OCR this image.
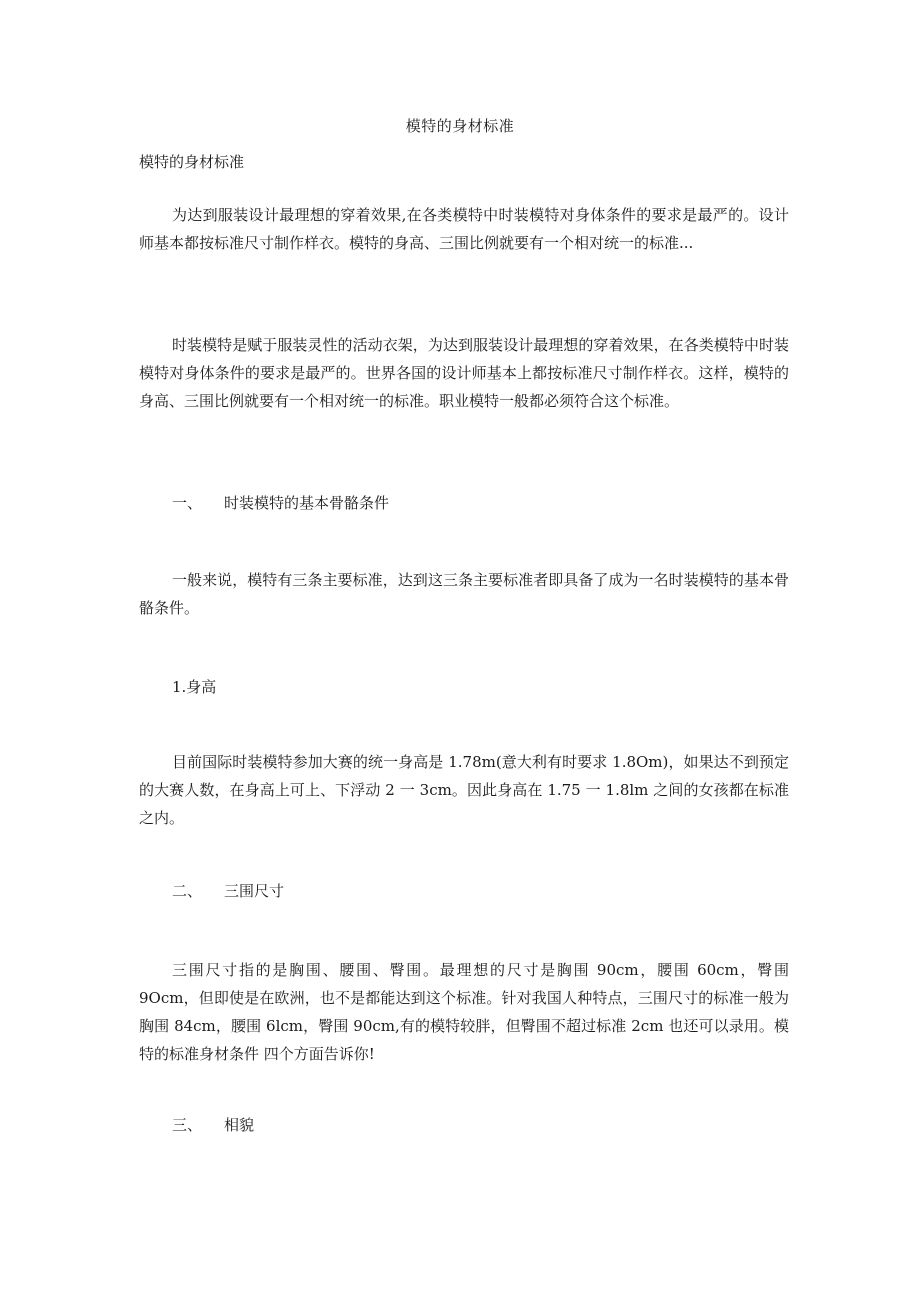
模特的身材标准
模特的身材标准

为达到服装设计最理想的穿着效果,在各类模特中时装模特对身体条件的要求是最严的。设计师基本都按标准尺寸制作样衣。模特的身高、三围比例就要有一个相对统一的标准...

时装模特是赋于服装灵性的活动衣架，为达到服装设计最理想的穿着效果，在各类模特中时装模特对身体条件的要求是最严的。世界各国的设计师基本上都按标准尺寸制作样衣。这样，模特的身高、三围比例就要有一个相对统一的标准。职业模特一般都必须符合这个标准。

一、 时装模特的基本骨骼条件

一般来说，模特有三条主要标准，达到这三条主要标准者即具备了成为一名时装模特的基本骨骼条件。

1.身高

目前国际时装模特参加大赛的统一身高是 1.78m(意大利有时要求 1.8Om)，如果达不到预定的大赛人数，在身高上可上、下浮动 2 一 3cm。因此身高在 1.75 一 1.8lm 之间的女孩都在标准之内。

二、 三围尺寸

三围尺寸指的是胸围、腰围、臀围。最理想的尺寸是胸围 90cm，腰围 60cm，臀围 9Ocm，但即使是在欧洲，也不是都能达到这个标准。针对我国人种特点，三围尺寸的标准一般为胸围 84cm，腰围 6lcm，臀围 90cm,有的模特较胖，但臀围不超过标准 2cm 也还可以录用。模特的标准身材条件 四个方面告诉你!

三、 相貌
